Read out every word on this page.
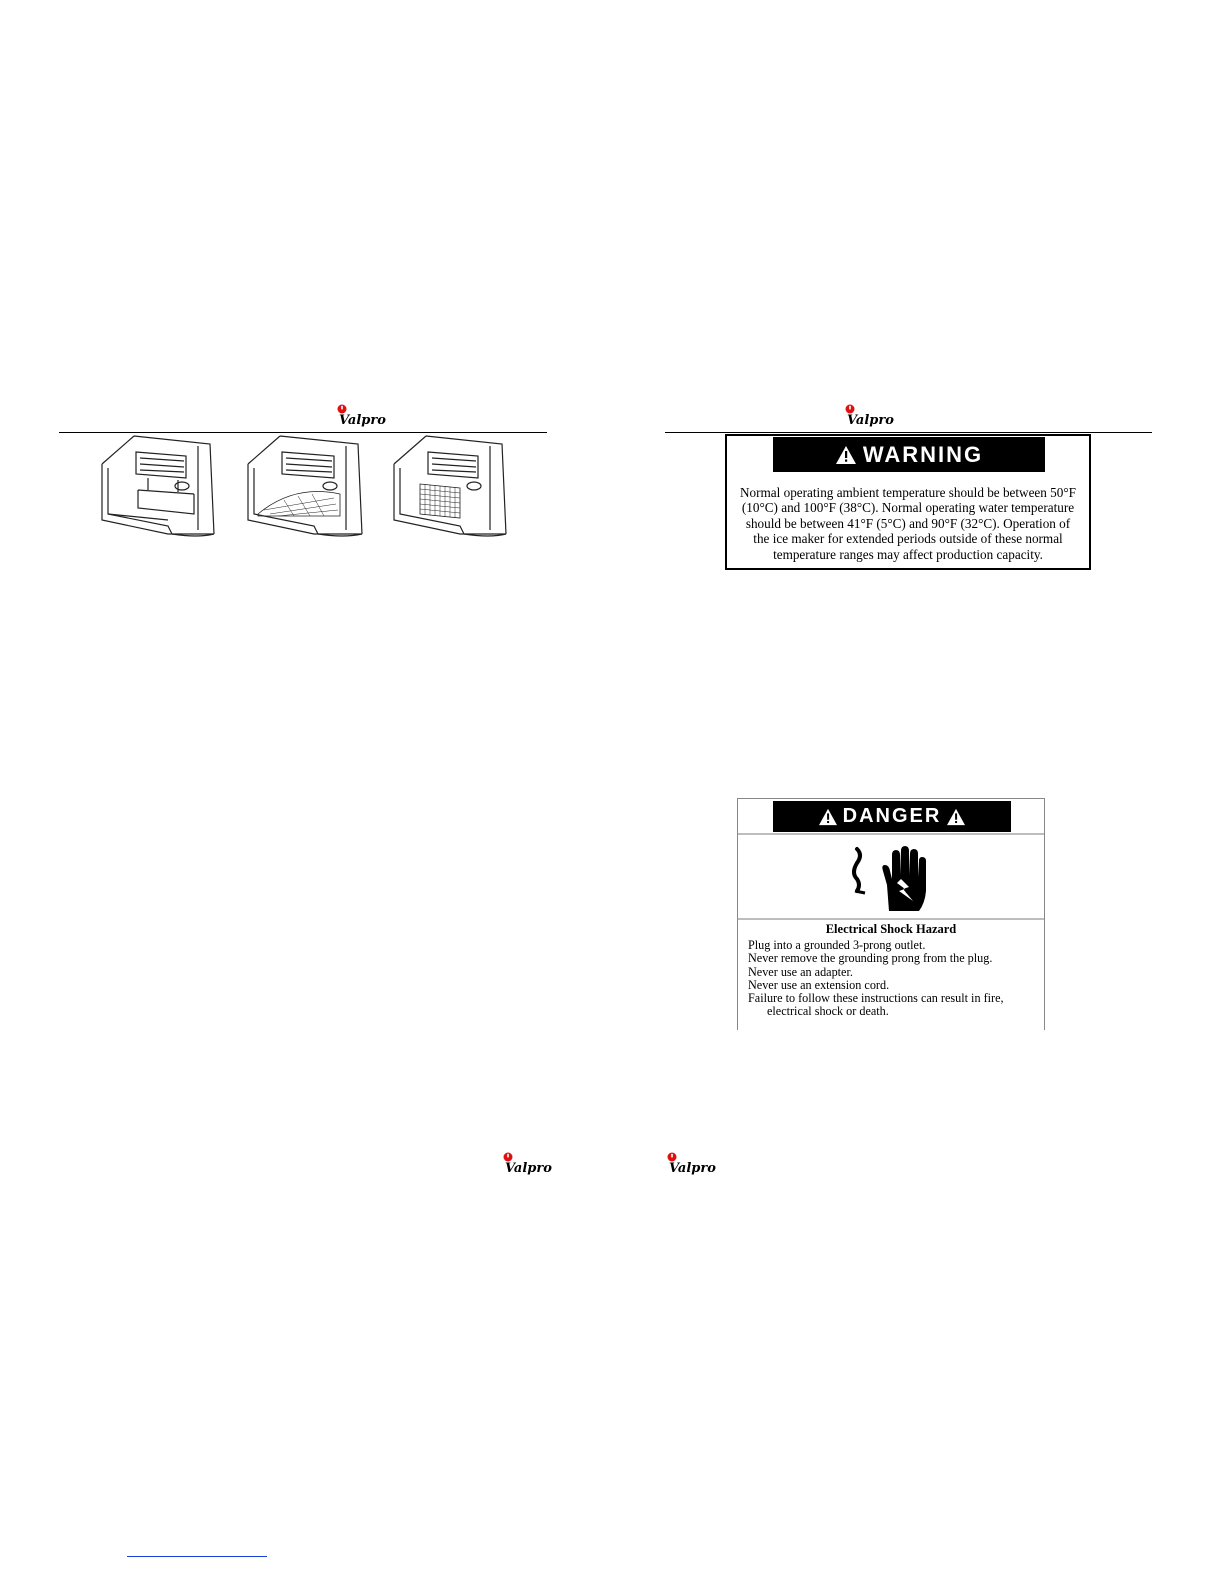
Valpro	Valpro
WARNING
Normal operating ambient temperature should be between 50°F
(10°C) and 100°F (38°C). Normal operating water temperature
should be between 41°F (5°C) and 90°F (32°C). Operation of
the ice maker for extended periods outside of these normal
temperature ranges may affect production capacity.
DANGER
Electrical Shock Hazard
Plug into a grounded 3-prong outlet.
Never remove the grounding prong from the plug.
Never use an adapter.
Never use an extension cord.
Failure to follow these instructions can result in fire,
electrical shock or death.
Valpro	Valpro
